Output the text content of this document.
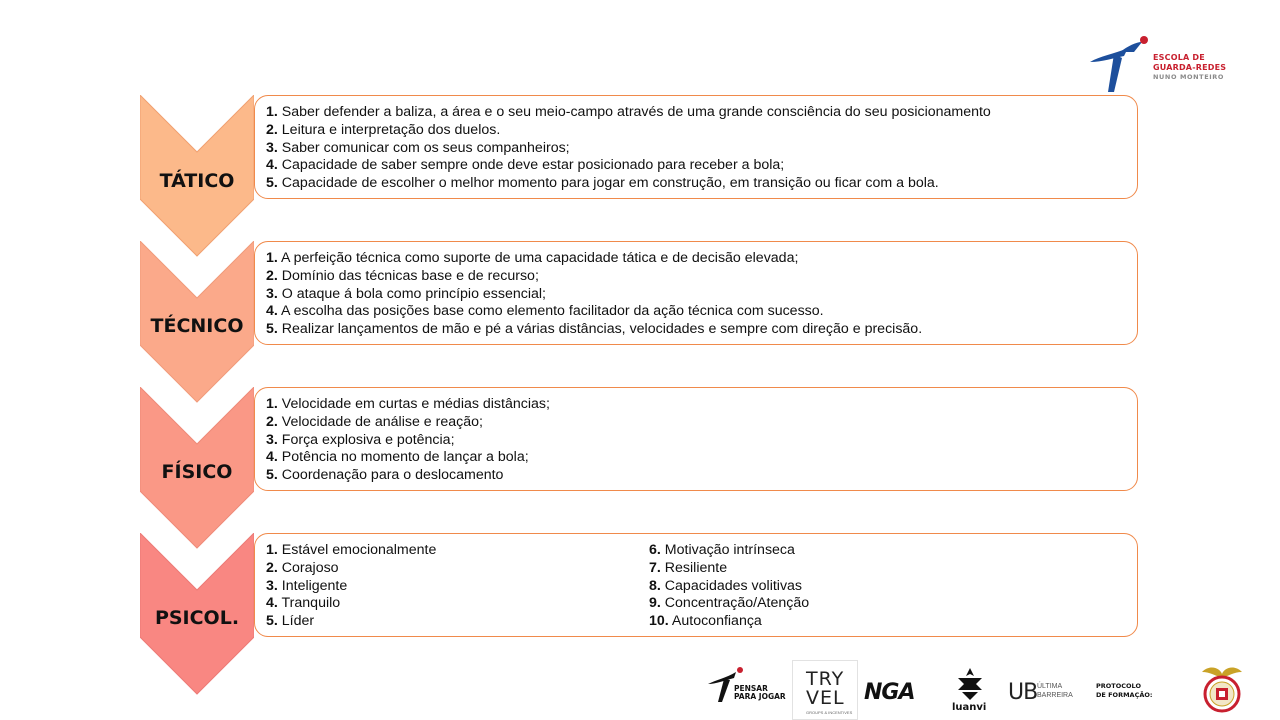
ESCOLA DE
GUARDA-REDES
NUNO MONTEIRO
TÁTICO
1. Saber defender a baliza, a área e o seu meio-campo através de uma grande consciência do seu posicionamento
2. Leitura e interpretação dos duelos.
3. Saber comunicar com os seus companheiros;
4. Capacidade de saber sempre onde deve estar posicionado para receber a bola;
5. Capacidade de escolher o melhor momento para jogar em construção, em transição ou ficar com a bola.
TÉCNICO
1. A perfeição técnica como suporte de uma capacidade tática e de decisão elevada;
2. Domínio das técnicas base e de recurso;
3. O ataque á bola como princípio essencial;
4. A escolha das posições base como elemento facilitador da ação técnica com sucesso.
5. Realizar lançamentos de mão e pé a várias distâncias, velocidades e sempre com direção e precisão.
FÍSICO
1. Velocidade em curtas e médias distâncias;
2. Velocidade de análise e reação;
3. Força explosiva e potência;
4. Potência no momento de lançar a bola;
5. Coordenação para o deslocamento
PSICOL.
1. Estável emocionalmente
2. Corajoso
3. Inteligente
4. Tranquilo
5. Líder
6. Motivação intrínseca
7. Resiliente
8. Capacidades volitivas
9. Concentração/Atenção
10. Autoconfiança
PENSAR
PARA JOGAR
TRY
VEL
GROUPS & INCENTIVES
NGA
luanvi
UB ÚLTIMA
BARREIRA
PROTOCOLO
DE FORMAÇÃO:
